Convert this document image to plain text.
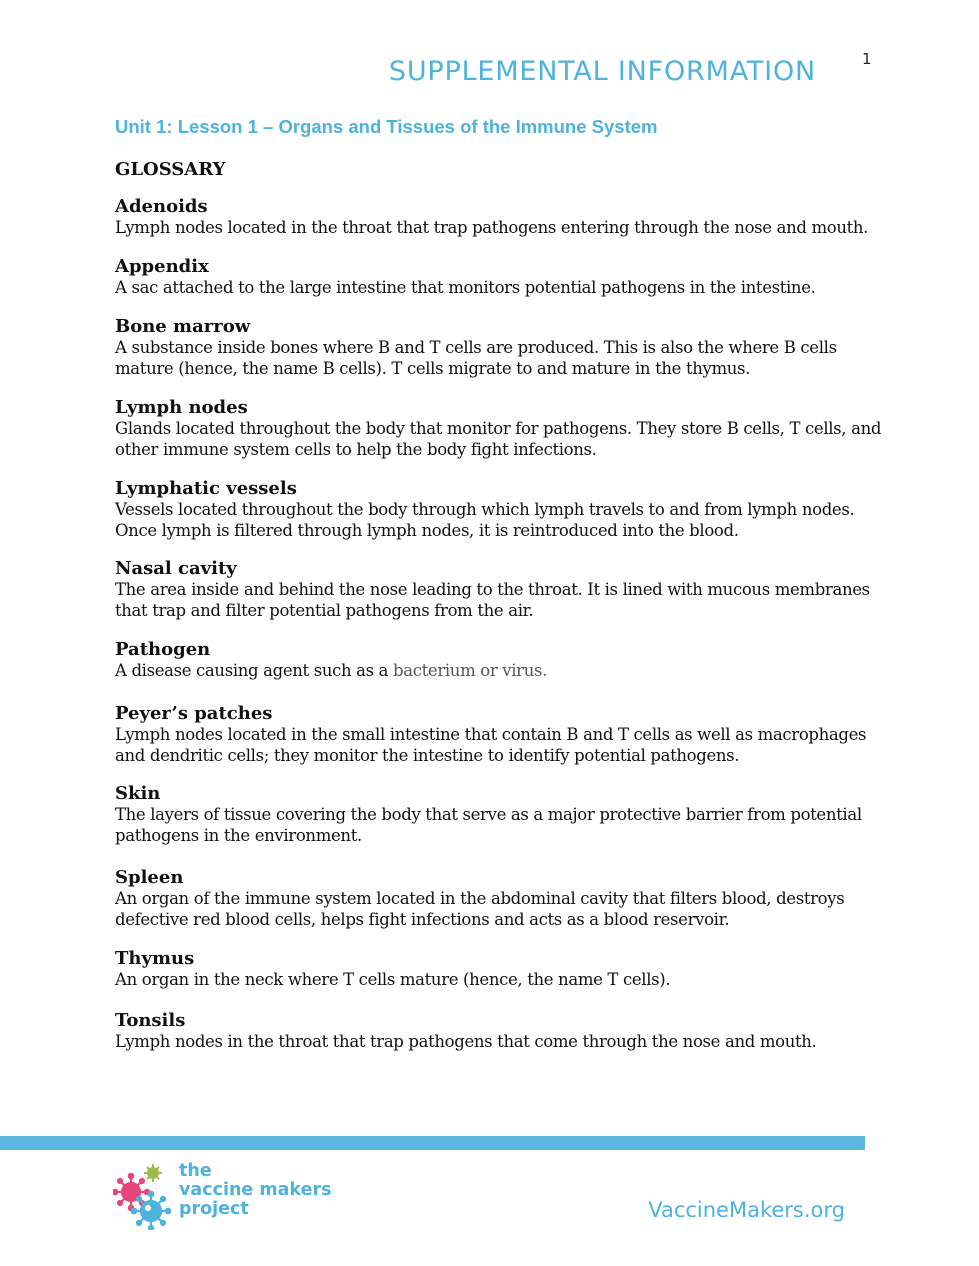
1
SUPPLEMENTAL INFORMATION
Unit 1: Lesson 1 – Organs and Tissues of the Immune System
GLOSSARY
Adenoids
Lymph nodes located in the throat that trap pathogens entering through the nose and mouth.
Appendix
A sac attached to the large intestine that monitors potential pathogens in the intestine.
Bone marrow
A substance inside bones where B and T cells are produced. This is also the where B cells mature (hence, the name B cells). T cells migrate to and mature in the thymus.
Lymph nodes
Glands located throughout the body that monitor for pathogens. They store B cells, T cells, and other immune system cells to help the body fight infections.
Lymphatic vessels
Vessels located throughout the body through which lymph travels to and from lymph nodes. Once lymph is filtered through lymph nodes, it is reintroduced into the blood.
Nasal cavity
The area inside and behind the nose leading to the throat. It is lined with mucous membranes that trap and filter potential pathogens from the air.
Pathogen
A disease causing agent such as a bacterium or virus.
Peyer’s patches
Lymph nodes located in the small intestine that contain B and T cells as well as macrophages and dendritic cells; they monitor the intestine to identify potential pathogens.
Skin
The layers of tissue covering the body that serve as a major protective barrier from potential pathogens in the environment.
Spleen
An organ of the immune system located in the abdominal cavity that filters blood, destroys defective red blood cells, helps fight infections and acts as a blood reservoir.
Thymus
An organ in the neck where T cells mature (hence, the name T cells).
Tonsils
Lymph nodes in the throat that trap pathogens that come through the nose and mouth.
the
vaccine makers
project	VaccineMakers.org
